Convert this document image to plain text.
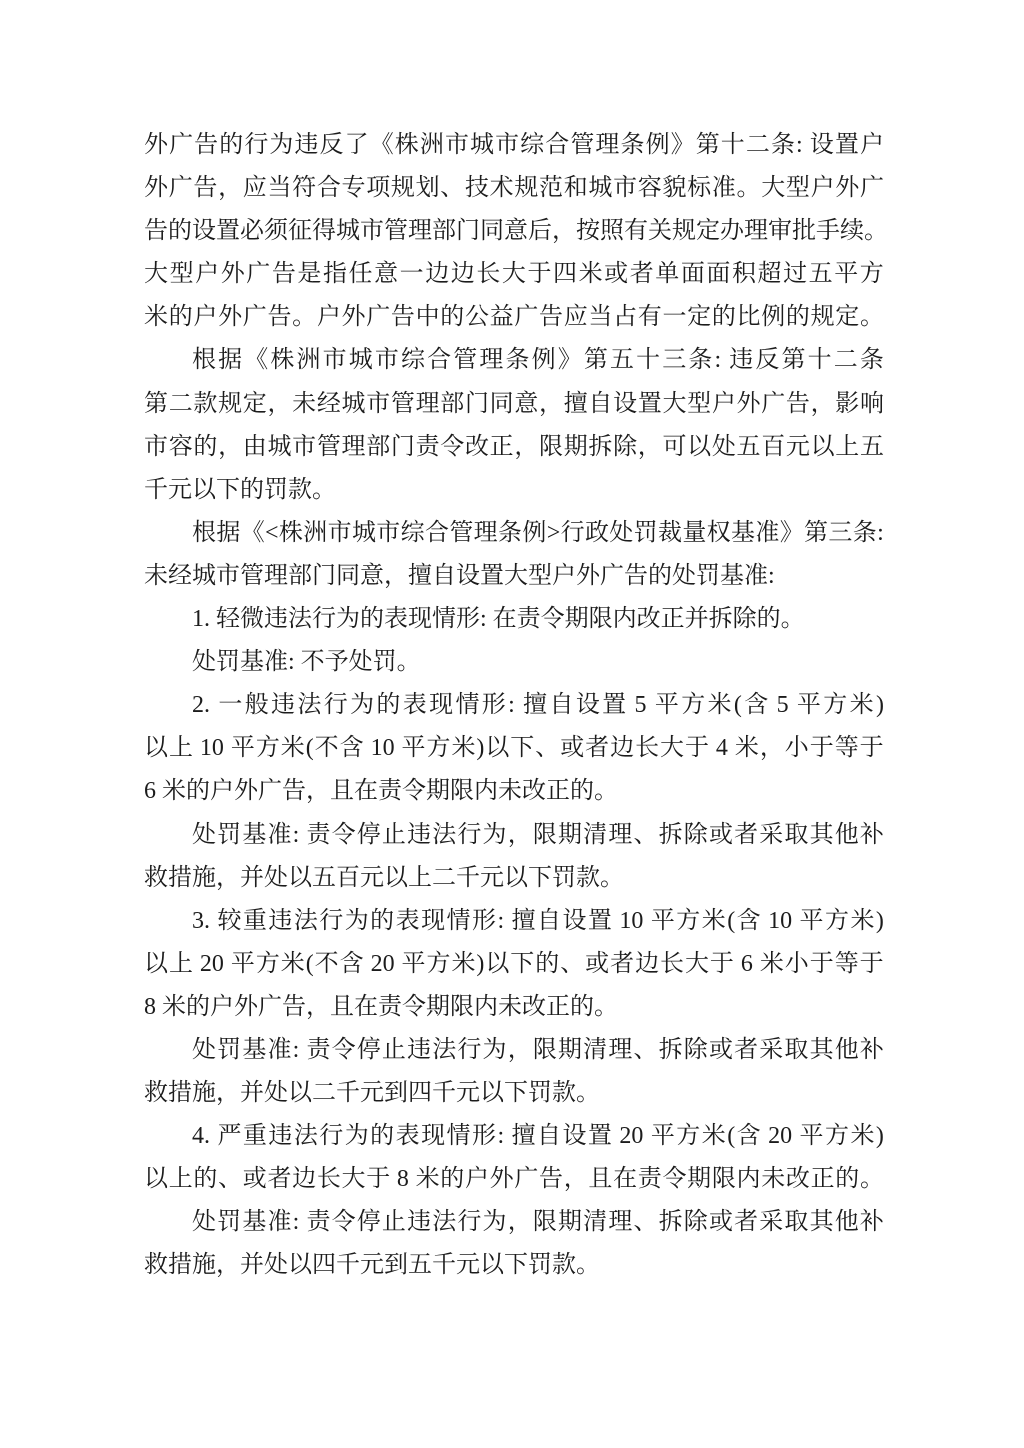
外 广 告 的 行 为 违 反 了 《 株 洲 市 城 市 综 合 管 理 条 例 》 第 十 二 条 : 设 置 户
外 广 告 ， 应 当 符 合 专 项 规 划 、 技 术 规 范 和 城 市 容 貌 标 准 。 大 型 户 外 广
告 的 设 置 必 须 征 得 城 市 管 理 部 门 同 意 后 ， 按 照 有 关 规 定 办 理 审 批 手 续 。
大 型 户 外 广 告 是 指 任 意 一 边 边 长 大 于 四 米 或 者 单 面 面 积 超 过 五 平 方
米 的 户 外 广 告 。 户 外 广 告 中 的 公 益 广 告 应 当 占 有 一 定 的 比 例 的 规 定 。
根 据 《 株 洲 市 城 市 综 合 管 理 条 例 》 第 五 十 三 条 : 违 反 第 十 二 条
第 二 款 规 定 ， 未 经 城 市 管 理 部 门 同 意 ， 擅 自 设 置 大 型 户 外 广 告 ， 影 响
市 容 的 ， 由 城 市 管 理 部 门 责 令 改 正 ， 限 期 拆 除 ， 可 以 处 五 百 元 以 上 五
千元以下的罚款。
根 据 《 < 株 洲 市 城 市 综 合 管 理 条 例 > 行 政 处 罚 裁 量 权 基 准 》 第 三 条 :
未经城市管理部门同意，擅自设置大型户外广告的处罚基准:
1. 轻微违法行为的表现情形: 在责令期限内改正并拆除的。
处罚基准: 不予处罚。
2. 一 般 违 法 行 为 的 表 现 情 形 : 擅 自 设 置 5 平 方 米 ( 含 5 平 方 米 )
以 上 10 平 方 米 ( 不 含 10 平 方 米 ) 以 下 、 或 者 边 长 大 于 4 米 ， 小 于 等 于
6 米的户外广告，且在责令期限内未改正的。
处 罚 基 准 : 责 令 停 止 违 法 行 为 ， 限 期 清 理 、 拆 除 或 者 采 取 其 他 补
救措施，并处以五百元以上二千元以下罚款。
3. 较 重 违 法 行 为 的 表 现 情 形 : 擅 自 设 置 10 平 方 米 ( 含 10 平 方 米 )
以 上 20 平 方 米 ( 不 含 20 平 方 米 ) 以 下 的 、 或 者 边 长 大 于 6 米 小 于 等 于
8 米的户外广告，且在责令期限内未改正的。
处 罚 基 准 : 责 令 停 止 违 法 行 为 ， 限 期 清 理 、 拆 除 或 者 采 取 其 他 补
救措施，并处以二千元到四千元以下罚款。
4. 严 重 违 法 行 为 的 表 现 情 形 : 擅 自 设 置 20 平 方 米 ( 含 20 平 方 米 )
以 上 的 、 或 者 边 长 大 于 8 米 的 户 外 广 告 ， 且 在 责 令 期 限 内 未 改 正 的 。
处 罚 基 准 : 责 令 停 止 违 法 行 为 ， 限 期 清 理 、 拆 除 或 者 采 取 其 他 补
救措施，并处以四千元到五千元以下罚款。
